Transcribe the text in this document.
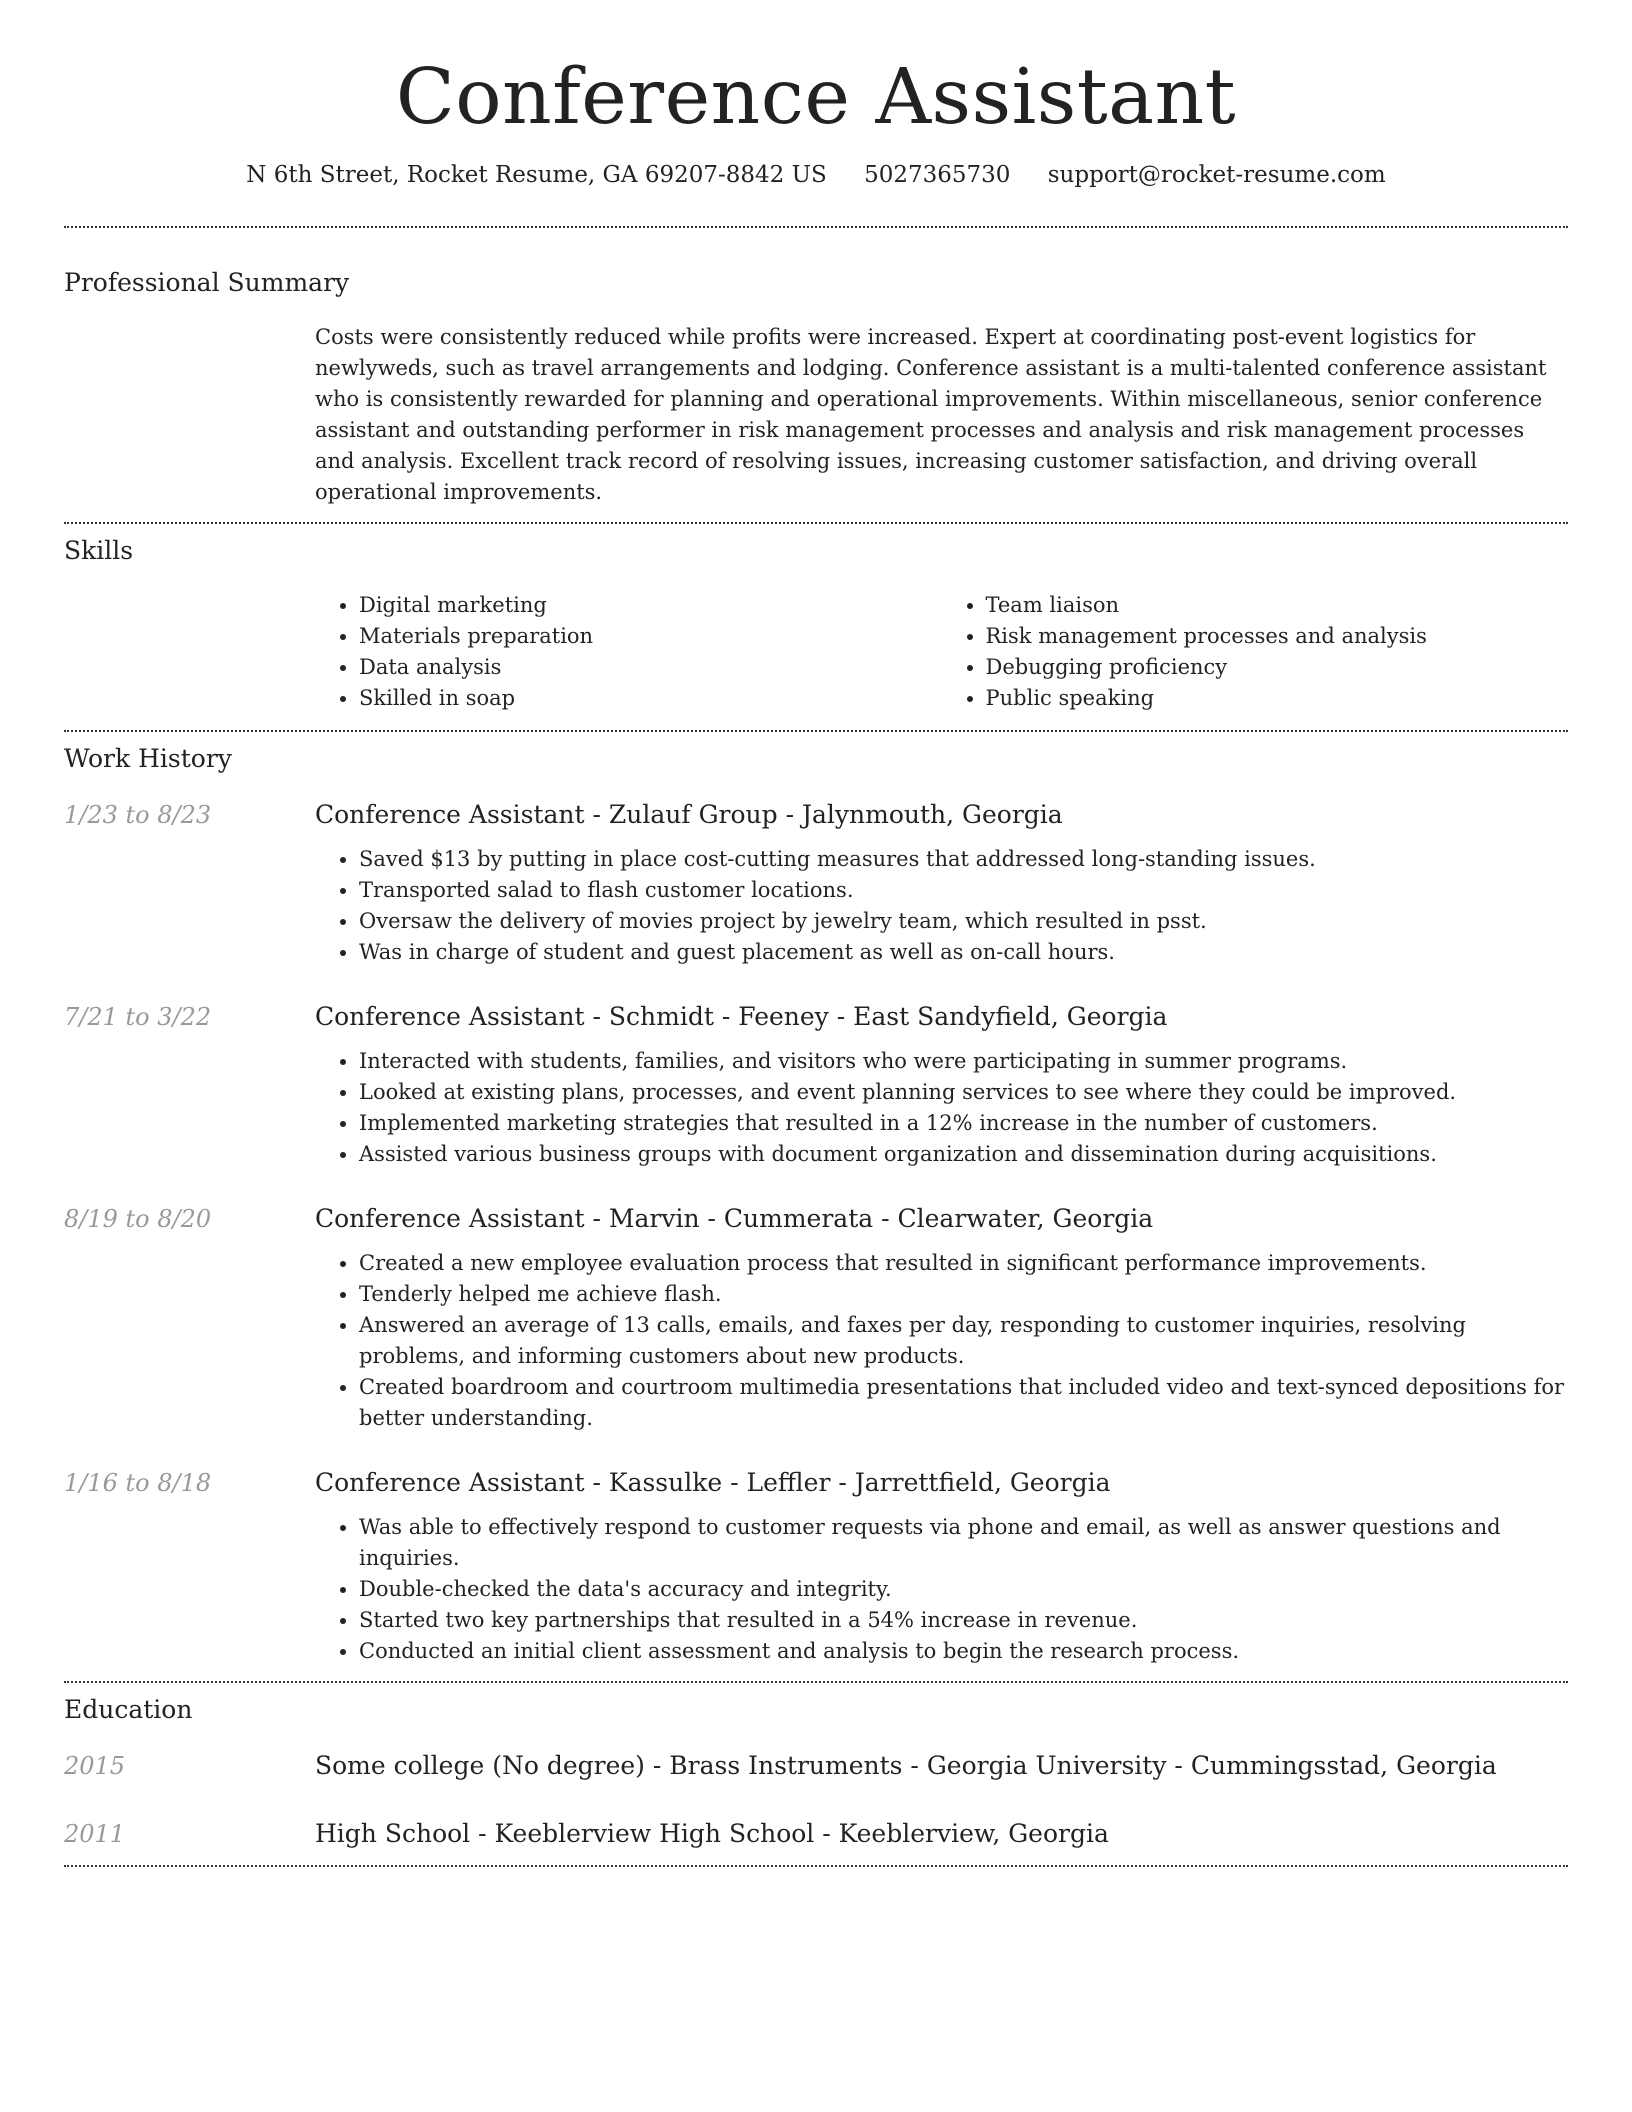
Conference Assistant
N 6th Street, Rocket Resume, GA 69207-8842 US 5027365730 support@rocket-resume.com
Professional Summary

Costs were consistently reduced while profits were increased. Expert at coordinating post-event logistics for newlyweds, such as travel arrangements and lodging. Conference assistant is a multi-talented conference assistant who is consistently rewarded for planning and operational improvements. Within miscellaneous, senior conference assistant and outstanding performer in risk management processes and analysis and risk management processes and analysis. Excellent track record of resolving issues, increasing customer satisfaction, and driving overall operational improvements.

Skills
• Digital marketing
• Materials preparation
• Data analysis
• Skilled in soap
• Team liaison
• Risk management processes and analysis
• Debugging proficiency
• Public speaking
Work History
1/23 to 8/23	Conference Assistant - Zulauf Group - Jalynmouth, Georgia
• Saved $13 by putting in place cost-cutting measures that addressed long-standing issues.
• Transported salad to flash customer locations.
• Oversaw the delivery of movies project by jewelry team, which resulted in psst.
• Was in charge of student and guest placement as well as on-call hours.
7/21 to 3/22	Conference Assistant - Schmidt - Feeney - East Sandyfield, Georgia
• Interacted with students, families, and visitors who were participating in summer programs.
• Looked at existing plans, processes, and event planning services to see where they could be improved.
• Implemented marketing strategies that resulted in a 12% increase in the number of customers.
• Assisted various business groups with document organization and dissemination during acquisitions.
8/19 to 8/20	Conference Assistant - Marvin - Cummerata - Clearwater, Georgia
• Created a new employee evaluation process that resulted in significant performance improvements.
• Tenderly helped me achieve flash.
• Answered an average of 13 calls, emails, and faxes per day, responding to customer inquiries, resolving problems, and informing customers about new products.
• Created boardroom and courtroom multimedia presentations that included video and text-synced depositions for better understanding.
1/16 to 8/18	Conference Assistant - Kassulke - Leffler - Jarrettfield, Georgia
• Was able to effectively respond to customer requests via phone and email, as well as answer questions and inquiries.
• Double-checked the data's accuracy and integrity.
• Started two key partnerships that resulted in a 54% increase in revenue.
• Conducted an initial client assessment and analysis to begin the research process.
Education
2015	Some college (No degree) - Brass Instruments - Georgia University - Cummingsstad, Georgia
2011	High School - Keeblerview High School - Keeblerview, Georgia
